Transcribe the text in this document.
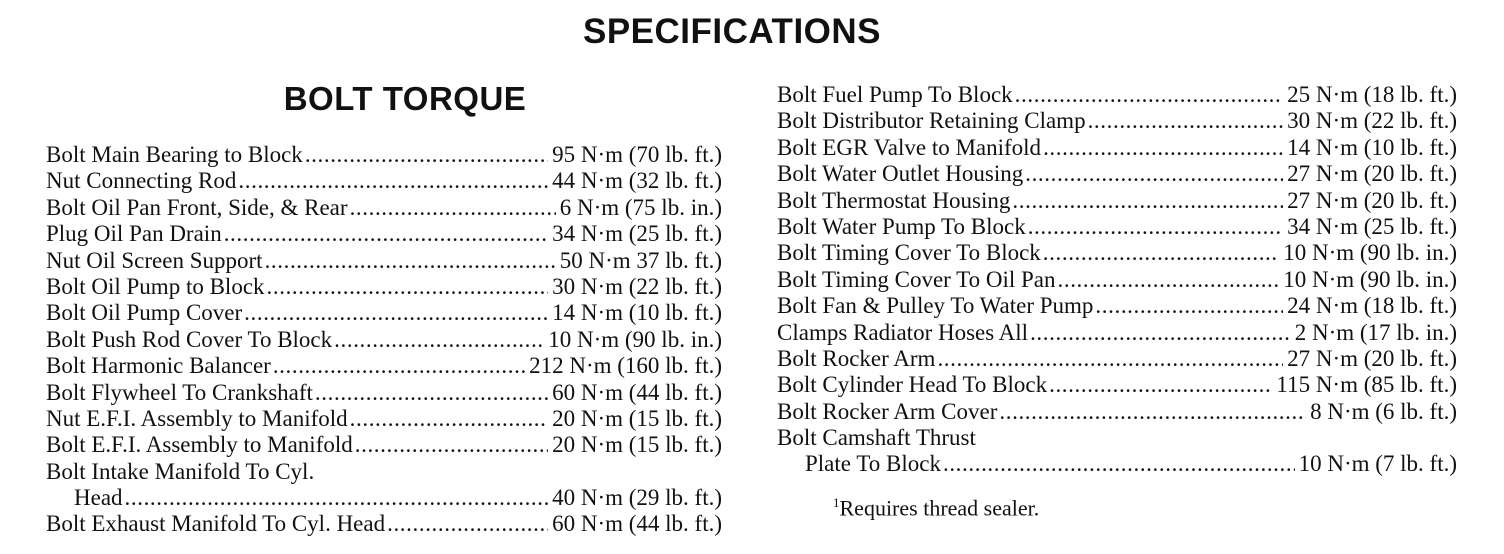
SPECIFICATIONS
BOLT TORQUE
Bolt Main Bearing to Block .....	95 N·m (70 lb. ft.)
Nut Connecting Rod .....	44 N·m (32 lb. ft.)
Bolt Oil Pan Front, Side, & Rear .....	6 N·m (75 lb. in.)
Plug Oil Pan Drain .....	34 N·m (25 lb. ft.)
Nut Oil Screen Support .....	50 N·m 37 lb. ft.)
Bolt Oil Pump to Block .....	30 N·m (22 lb. ft.)
Bolt Oil Pump Cover .....	14 N·m (10 lb. ft.)
Bolt Push Rod Cover To Block .....	10 N·m (90 lb. in.)
Bolt Harmonic Balancer .....	212 N·m (160 lb. ft.)
Bolt Flywheel To Crankshaft .....	60 N·m (44 lb. ft.)
Nut E.F.I. Assembly to Manifold .....	20 N·m (15 lb. ft.)
Bolt E.F.I. Assembly to Manifold .....	20 N·m (15 lb. ft.)
Bolt Intake Manifold To Cyl.
Head .....	40 N·m (29 lb. ft.)
Bolt Exhaust Manifold To Cyl. Head .....	60 N·m (44 lb. ft.)
Bolt Fuel Pump To Block .....	25 N·m (18 lb. ft.)
Bolt Distributor Retaining Clamp .....	30 N·m (22 lb. ft.)
Bolt EGR Valve to Manifold .....	14 N·m (10 lb. ft.)
Bolt Water Outlet Housing .....	27 N·m (20 lb. ft.)
Bolt Thermostat Housing .....	27 N·m (20 lb. ft.)
Bolt Water Pump To Block .....	34 N·m (25 lb. ft.)
Bolt Timing Cover To Block .....	10 N·m (90 lb. in.)
Bolt Timing Cover To Oil Pan .....	10 N·m (90 lb. in.)
Bolt Fan & Pulley To Water Pump .....	24 N·m (18 lb. ft.)
Clamps Radiator Hoses All .....	2 N·m (17 lb. in.)
Bolt Rocker Arm .....	27 N·m (20 lb. ft.)
Bolt Cylinder Head To Block .....	115 N·m (85 lb. ft.)
Bolt Rocker Arm Cover .....	8 N·m (6 lb. ft.)
Bolt Camshaft Thrust
Plate To Block .....	10 N·m (7 lb. ft.)
$^1$Requires thread sealer.
